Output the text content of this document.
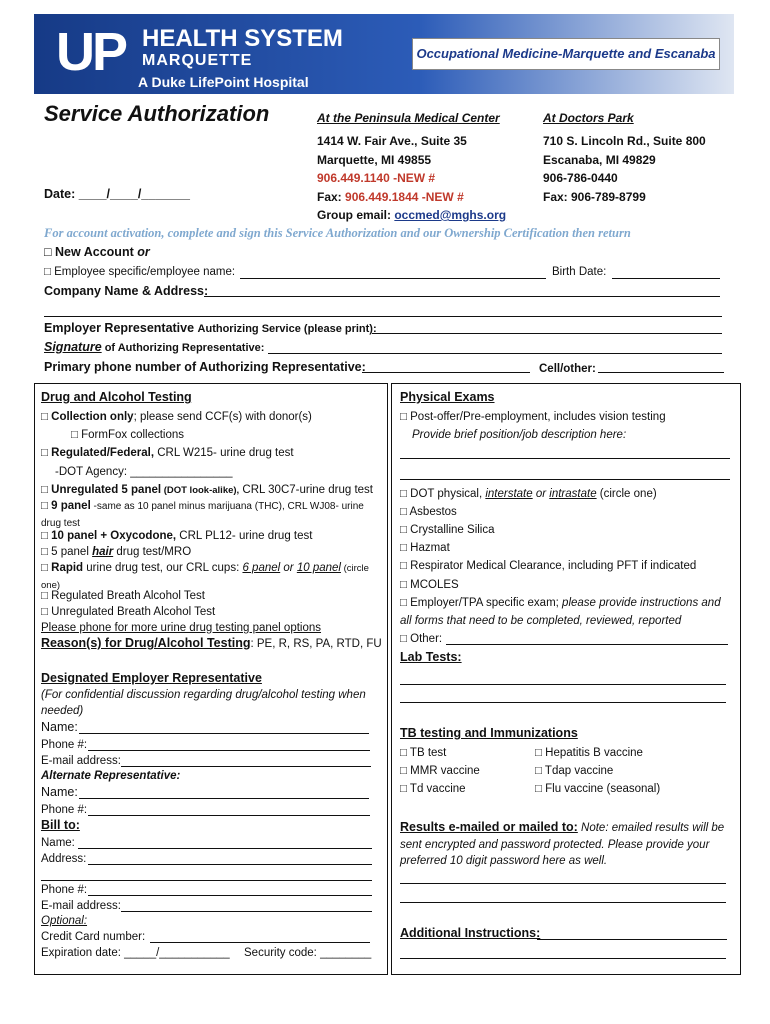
UP HEALTH SYSTEM
MARQUETTE
A Duke LifePoint Hospital
Occupational Medicine-Marquette and Escanaba
Service Authorization
Date: ____/____/_______
At the Peninsula Medical Center
1414 W. Fair Ave., Suite 35
Marquette, MI 49855
906.449.1140 -NEW #
Fax: 906.449.1844 -NEW #
Group email: occmed@mghs.org
At Doctors Park
710 S. Lincoln Rd., Suite 800
Escanaba, MI 49829
906-786-0440
Fax: 906-789-8799
For account activation, complete and sign this Service Authorization and our Ownership Certification then return
□ New Account or
□ Employee specific/employee name:	Birth Date:
Company Name & Address:
Employer Representative Authorizing Service (please print):
Signature of Authorizing Representative:
Primary phone number of Authorizing Representative:	Cell/other:
Drug and Alcohol Testing
□ Collection only; please send CCF(s) with donor(s)
□ FormFox collections
□ Regulated/Federal, CRL W215- urine drug test
-DOT Agency: ________________
□ Unregulated 5 panel (DOT look-alike), CRL 30C7-urine drug test
□ 9 panel -same as 10 panel minus marijuana (THC), CRL WJ08- urine drug test
□ 10 panel + Oxycodone, CRL PL12- urine drug test
□ 5 panel hair drug test/MRO
□ Rapid urine drug test, our CRL cups: 6 panel or 10 panel (circle one)
□ Regulated Breath Alcohol Test
□ Unregulated Breath Alcohol Test
Please phone for more urine drug testing panel options
Reason(s) for Drug/Alcohol Testing: PE, R, RS, PA, RTD, FU
Designated Employer Representative
(For confidential discussion regarding drug/alcohol testing when needed)
Name:
Phone #:
E-mail address:
Alternate Representative:
Name:
Phone #:
Bill to:
Name:
Address:
Phone #:
E-mail address:
Optional:
Credit Card number:
Expiration date: _____/___________ Security code: ________
Physical Exams
□ Post-offer/Pre-employment, includes vision testing
Provide brief position/job description here:
□ DOT physical, interstate or intrastate (circle one)
□ Asbestos
□ Crystalline Silica
□ Hazmat
□ Respirator Medical Clearance, including PFT if indicated
□ MCOLES
□ Employer/TPA specific exam; please provide instructions and
all forms that need to be completed, reviewed, reported
□ Other:
Lab Tests:
TB testing and Immunizations
□ TB test	□ Hepatitis B vaccine
□ MMR vaccine	□ Tdap vaccine
□ Td vaccine	□ Flu vaccine (seasonal)
Results e-mailed or mailed to: Note: emailed results will be
sent encrypted and password protected. Please provide your
preferred 10 digit password here as well.
Additional Instructions:
